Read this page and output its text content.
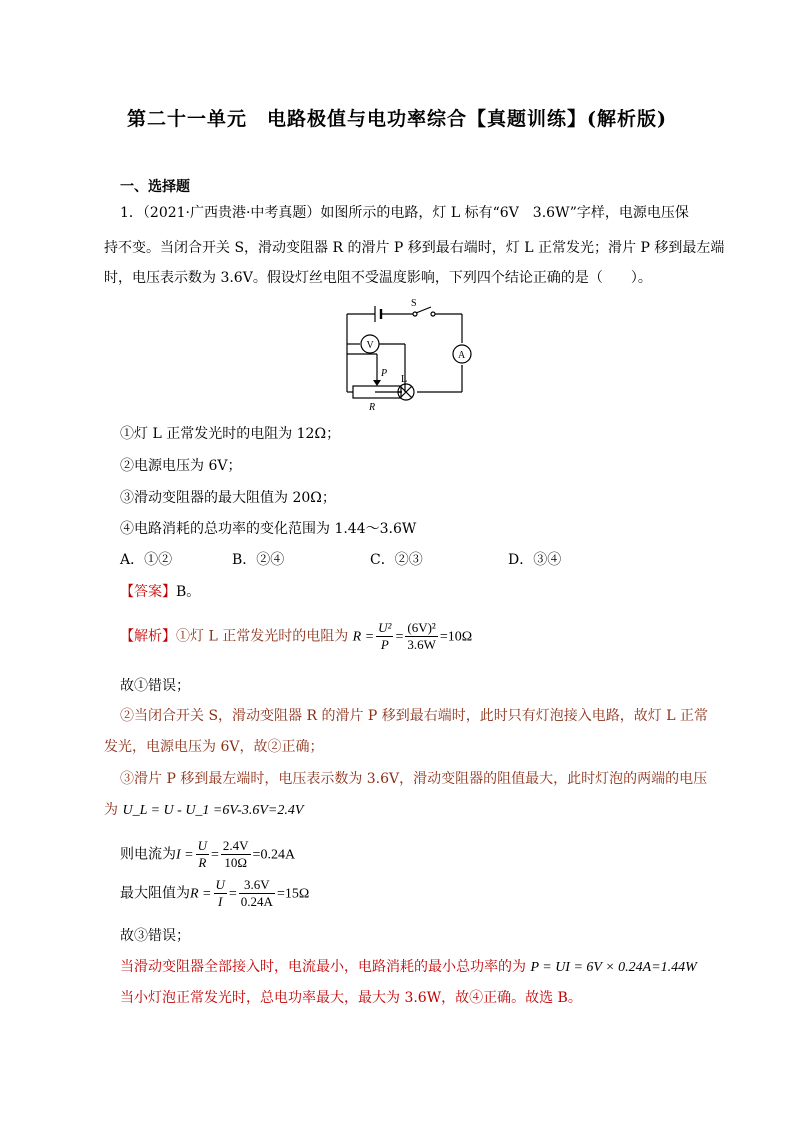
第二十一单元　电路极值与电功率综合【真题训练】(解析版)
一、选择题
1．（2021·广西贵港·中考真题）如图所示的电路，灯 L 标有“6V　3.6W”字样，电源电压保
持不变。当闭合开关 S，滑动变阻器 R 的滑片 P 移到最右端时，灯 L 正常发光；滑片 P 移到最左端
时，电压表示数为 3.6V。假设灯丝电阻不受温度影响，下列四个结论正确的是（　　）。
S
V
A
L
P
R
①灯 L 正常发光时的电阻为 12Ω；
②电源电压为 6V；
③滑动变阻器的最大阻值为 20Ω；
④电路消耗的总功率的变化范围为 1.44～3.6W
A．①②	B．②④	C．②③	D．③④
【答案】B。
【解析】①灯 L 正常发光时的电阻为 $R = \frac{\text{U²}}{P} = \frac{\text{(6V)²}}{3.6W} =10\Omega$
故①错误；
②当闭合开关 S，滑动变阻器 R 的滑片 P 移到最右端时，此时只有灯泡接入电路，故灯 L 正常
发光，电源电压为 6V，故②正确；
③滑片 P 移到最左端时，电压表示数为 3.6V，滑动变阻器的阻值最大，此时灯泡的两端的电压
为 U_L = U - U_1 =6V-3.6V=2.4V
则电流为$I = \frac{U}{R} = \frac{2.4V}{10\Omega} =0.24A$
最大阻值为$R = \frac{U}{I} = \frac{3.6V}{0.24A} =15\Omega$
故③错误；
当滑动变阻器全部接入时，电流最小，电路消耗的最小总功率的为 P = UI = 6V × 0.24A=1.44W
当小灯泡正常发光时，总电功率最大，最大为 3.6W，故④正确。故选 B。
